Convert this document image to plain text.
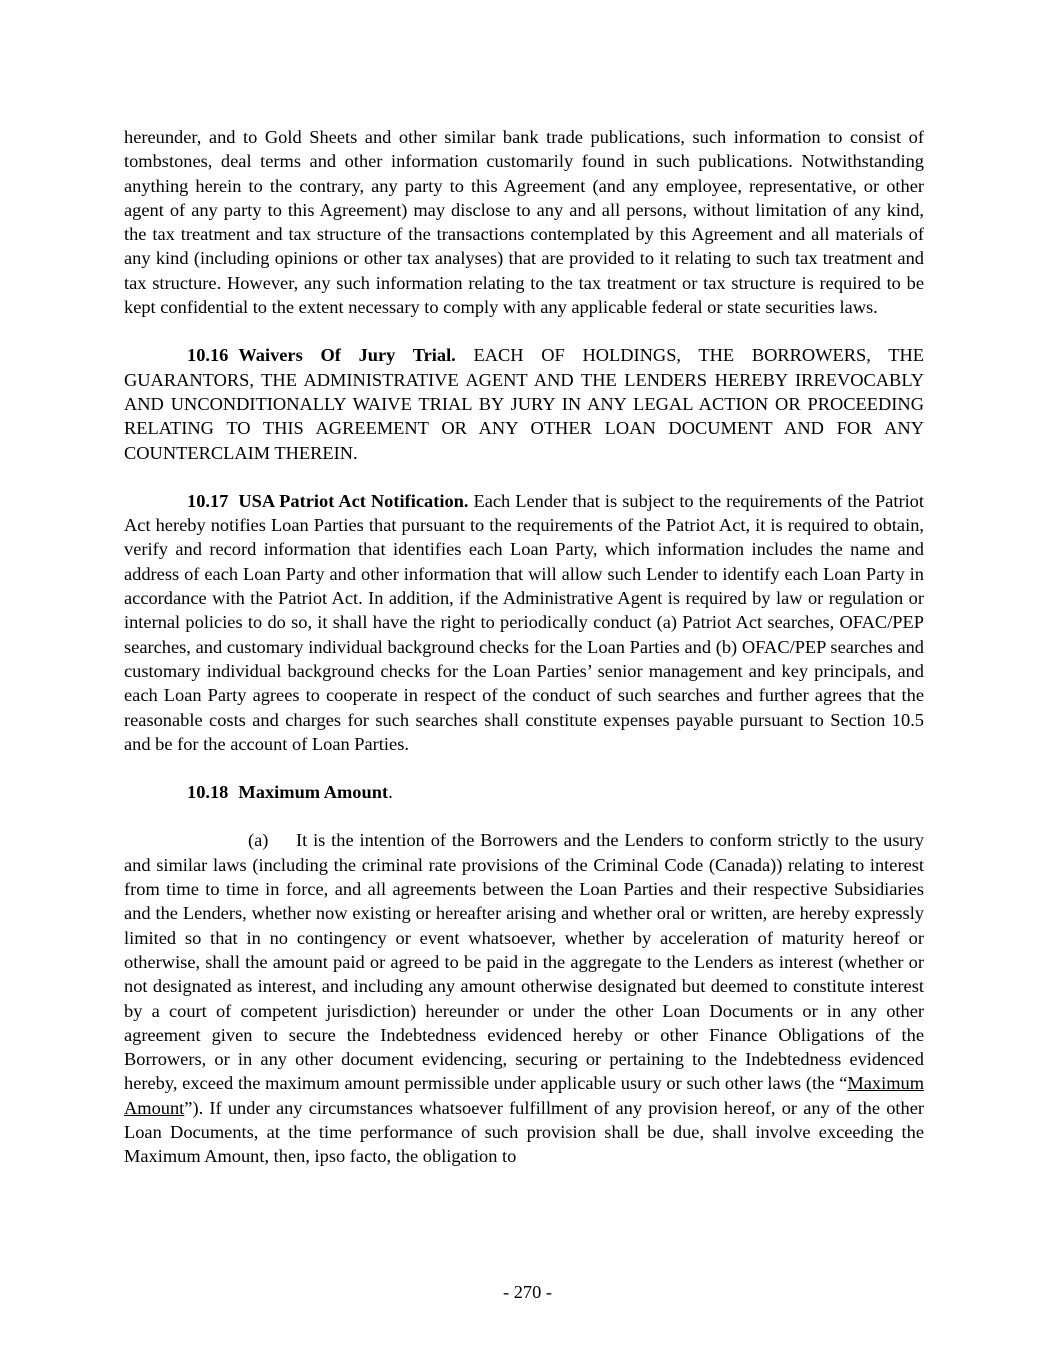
hereunder, and to Gold Sheets and other similar bank trade publications, such information to consist of tombstones, deal terms and other information customarily found in such publications. Notwithstanding anything herein to the contrary, any party to this Agreement (and any employee, representative, or other agent of any party to this Agreement) may disclose to any and all persons, without limitation of any kind, the tax treatment and tax structure of the transactions contemplated by this Agreement and all materials of any kind (including opinions or other tax analyses) that are provided to it relating to such tax treatment and tax structure. However, any such information relating to the tax treatment or tax structure is required to be kept confidential to the extent necessary to comply with any applicable federal or state securities laws.

10.16 Waivers Of Jury Trial. EACH OF HOLDINGS, THE BORROWERS, THE GUARANTORS, THE ADMINISTRATIVE AGENT AND THE LENDERS HEREBY IRREVOCABLY AND UNCONDITIONALLY WAIVE TRIAL BY JURY IN ANY LEGAL ACTION OR PROCEEDING RELATING TO THIS AGREEMENT OR ANY OTHER LOAN DOCUMENT AND FOR ANY COUNTERCLAIM THEREIN.

10.17 USA Patriot Act Notification. Each Lender that is subject to the requirements of the Patriot Act hereby notifies Loan Parties that pursuant to the requirements of the Patriot Act, it is required to obtain, verify and record information that identifies each Loan Party, which information includes the name and address of each Loan Party and other information that will allow such Lender to identify each Loan Party in accordance with the Patriot Act. In addition, if the Administrative Agent is required by law or regulation or internal policies to do so, it shall have the right to periodically conduct (a) Patriot Act searches, OFAC/PEP searches, and customary individual background checks for the Loan Parties and (b) OFAC/PEP searches and customary individual background checks for the Loan Parties’ senior management and key principals, and each Loan Party agrees to cooperate in respect of the conduct of such searches and further agrees that the reasonable costs and charges for such searches shall constitute expenses payable pursuant to Section 10.5 and be for the account of Loan Parties.

10.18 Maximum Amount.

(a) It is the intention of the Borrowers and the Lenders to conform strictly to the usury and similar laws (including the criminal rate provisions of the Criminal Code (Canada)) relating to interest from time to time in force, and all agreements between the Loan Parties and their respective Subsidiaries and the Lenders, whether now existing or hereafter arising and whether oral or written, are hereby expressly limited so that in no contingency or event whatsoever, whether by acceleration of maturity hereof or otherwise, shall the amount paid or agreed to be paid in the aggregate to the Lenders as interest (whether or not designated as interest, and including any amount otherwise designated but deemed to constitute interest by a court of competent jurisdiction) hereunder or under the other Loan Documents or in any other agreement given to secure the Indebtedness evidenced hereby or other Finance Obligations of the Borrowers, or in any other document evidencing, securing or pertaining to the Indebtedness evidenced hereby, exceed the maximum amount permissible under applicable usury or such other laws (the “Maximum Amount”). If under any circumstances whatsoever fulfillment of any provision hereof, or any of the other Loan Documents, at the time performance of such provision shall be due, shall involve exceeding the Maximum Amount, then, ipso facto, the obligation to

- 270 -
